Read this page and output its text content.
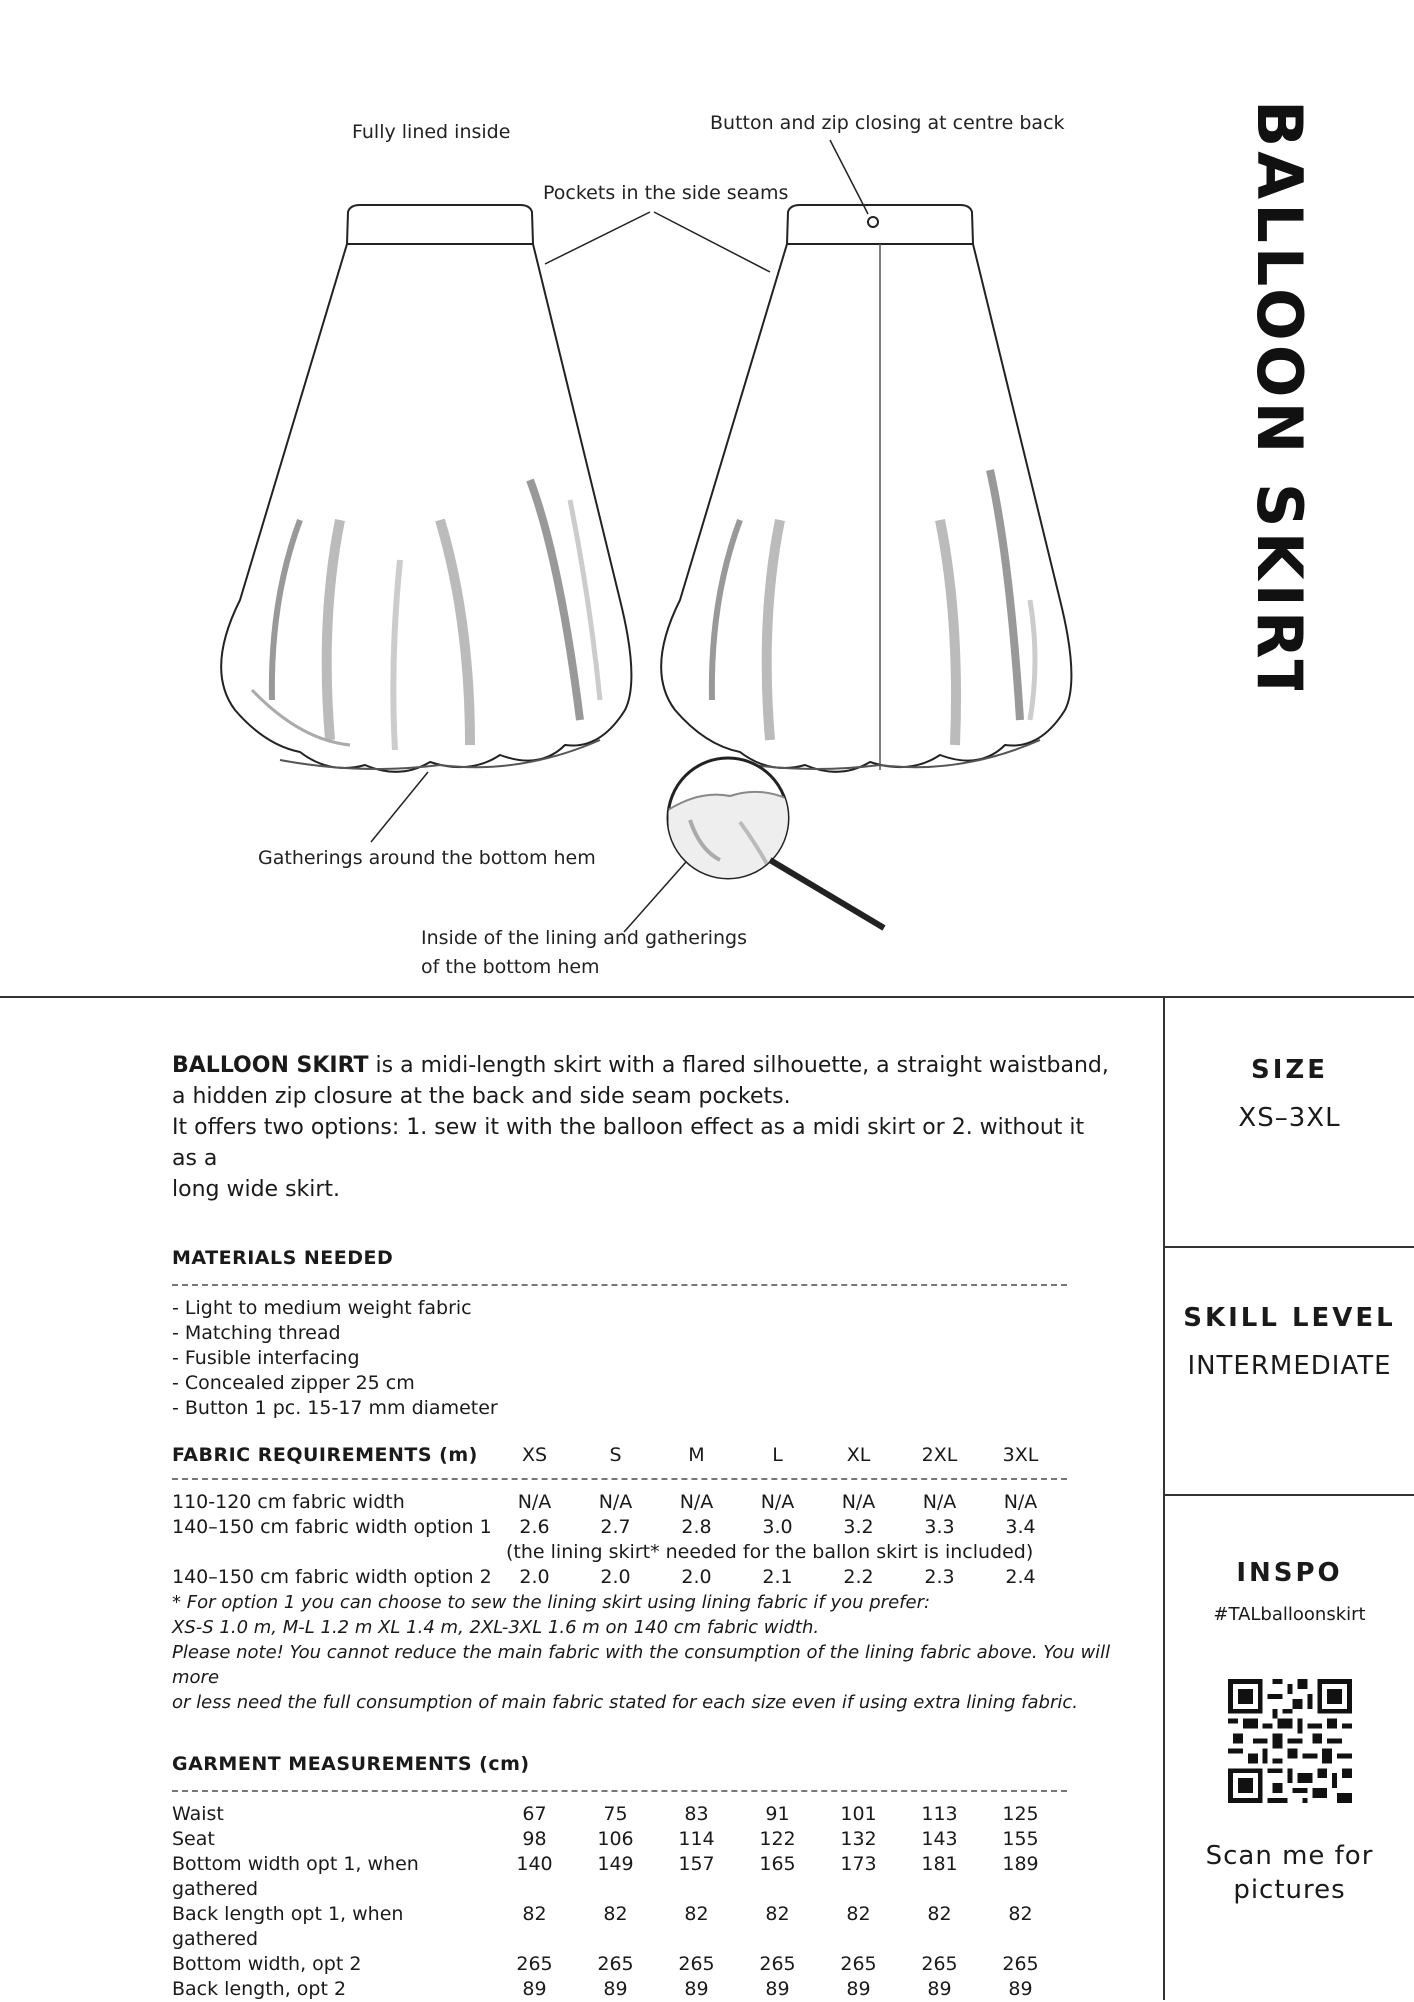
Fully lined inside	Button and zip closing at centre back
Pockets in the side seams
Gatherings around the bottom hem
Inside of the lining and gatherings
of the bottom hem
BALLOON SKIRT
BALLOON SKIRT is a midi-length skirt with a flared silhouette, a straight waistband,
a hidden zip closure at the back and side seam pockets.
It offers two options: 1. sew it with the balloon effect as a midi skirt or 2. without it as a
long wide skirt.
MATERIALS NEEDED
- Light to medium weight fabric
- Matching thread
- Fusible interfacing
- Concealed zipper 25 cm
- Button 1 pc. 15-17 mm diameter
FABRIC REQUIREMENTS (m)	XS	S	M	L	XL	2XL	3XL
110-120 cm fabric width	N/A	N/A	N/A	N/A	N/A	N/A	N/A
140–150 cm fabric width option 1	2.6	2.7	2.8	3.0	3.2	3.3	3.4
(the lining skirt* needed for the ballon skirt is included)
140–150 cm fabric width option 2	2.0	2.0	2.0	2.1	2.2	2.3	2.4
* For option 1 you can choose to sew the lining skirt using lining fabric if you prefer:
XS-S 1.0 m, M-L 1.2 m XL 1.4 m, 2XL-3XL 1.6 m on 140 cm fabric width.
Please note! You cannot reduce the main fabric with the consumption of the lining fabric above. You will more
or less need the full consumption of main fabric stated for each size even if using extra lining fabric.
GARMENT MEASUREMENTS (cm)
Waist	67	75	83	91	101	113	125
Seat	98	106	114	122	132	143	155
Bottom width opt 1, when gathered
140	149	157	165	173	181	189
Back length opt 1, when gathered
82	82	82	82	82	82	82
Bottom width, opt 2	265	265	265	265	265	265	265
Back length, opt 2	89	89	89	89	89	89	89
SIZE
XS–3XL
SKILL LEVEL
INTERMEDIATE
INSPO
#TALballoonskirt
Scan me for
pictures
